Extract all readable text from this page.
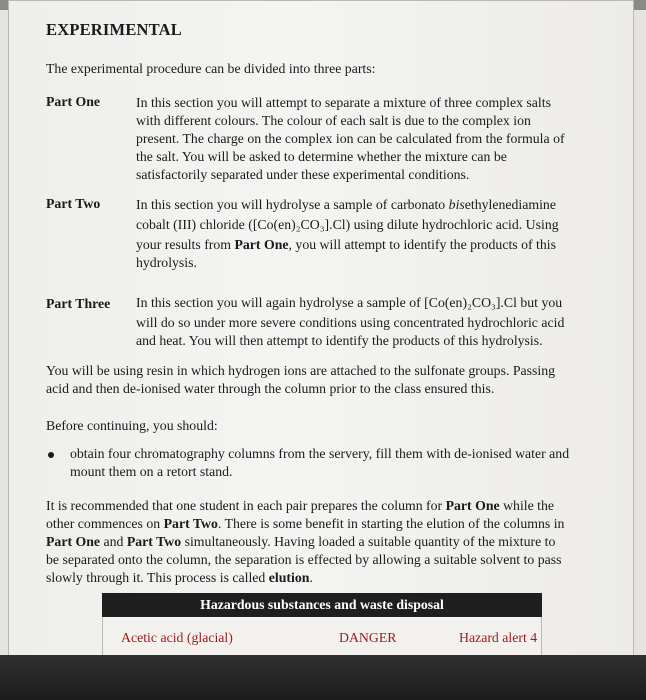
EXPERIMENTAL

The experimental procedure can be divided into three parts:

Part One	In this section you will attempt to separate a mixture of three complex salts
with different colours. The colour of each salt is due to the complex ion
present. The charge on the complex ion can be calculated from the formula of
the salt. You will be asked to determine whether the mixture can be
satisfactorily separated under these experimental conditions.

Part Two	In this section you will hydrolyse a sample of carbonato bisethylenediamine
cobalt (III) chloride ([Co(en)₂CO₃].Cl) using dilute hydrochloric acid. Using
your results from Part One, you will attempt to identify the products of this
hydrolysis.

Part Three In this section you will again hydrolyse a sample of [Co(en)₂CO₃].Cl but you
will do so under more severe conditions using concentrated hydrochloric acid
and heat. You will then attempt to identify the products of this hydrolysis.
You will be using resin in which hydrogen ions are attached to the sulfonate groups. Passing
acid and then de-ionised water through the column prior to the class ensured this.

Before continuing, you should:

obtain four chromatography columns from the servery, fill them with de-ionised water and
mount them on a retort stand.
It is recommended that one student in each pair prepares the column for Part One while the
other commences on Part Two. There is some benefit in starting the elution of the columns in
Part One and Part Two simultaneously. Having loaded a suitable quantity of the mixture to
be separated onto the column, the separation is effected by allowing a suitable solvent to pass
slowly through it. This process is called elution.
Hazardous substances and waste disposal
Acetic acid (glacial)	DANGER	Hazard alert 4
